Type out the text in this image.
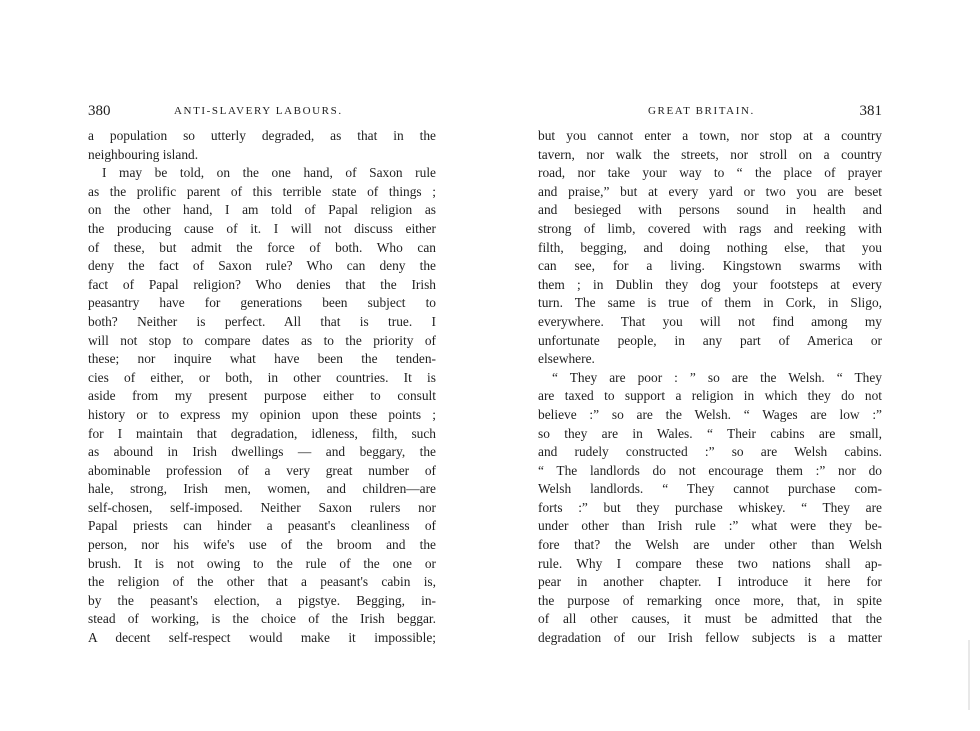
380	ANTI-SLAVERY LABOURS.
a population so utterly degraded, as that in the
neighbouring island.
I may be told, on the one hand, of Saxon rule
as the prolific parent of this terrible state of things ;
on the other hand, I am told of Papal religion as
the producing cause of it. I will not discuss either
of these, but admit the force of both. Who can
deny the fact of Saxon rule? Who can deny the
fact of Papal religion? Who denies that the Irish
peasantry have for generations been subject to
both? Neither is perfect. All that is true. I
will not stop to compare dates as to the priority of
these; nor inquire what have been the tenden-
cies of either, or both, in other countries. It is
aside from my present purpose either to consult
history or to express my opinion upon these points ;
for I maintain that degradation, idleness, filth, such
as abound in Irish dwellings — and beggary, the
abominable profession of a very great number of
hale, strong, Irish men, women, and children—are
self-chosen, self-imposed. Neither Saxon rulers nor
Papal priests can hinder a peasant's cleanliness of
person, nor his wife's use of the broom and the
brush. It is not owing to the rule of the one or
the religion of the other that a peasant's cabin is,
by the peasant's election, a pigstye. Begging, in-
stead of working, is the choice of the Irish beggar.
A decent self-respect would make it impossible;
GREAT BRITAIN.	381
but you cannot enter a town, nor stop at a country
tavern, nor walk the streets, nor stroll on a country
road, nor take your way to “ the place of prayer
and praise,” but at every yard or two you are beset
and besieged with persons sound in health and
strong of limb, covered with rags and reeking with
filth, begging, and doing nothing else, that you
can see, for a living. Kingstown swarms with
them ; in Dublin they dog your footsteps at every
turn. The same is true of them in Cork, in Sligo,
everywhere. That you will not find among my
unfortunate people, in any part of America or
elsewhere.
“ They are poor : ” so are the Welsh. “ They
are taxed to support a religion in which they do not
believe :” so are the Welsh. “ Wages are low :”
so they are in Wales. “ Their cabins are small,
and rudely constructed :” so are Welsh cabins.
“ The landlords do not encourage them :” nor do
Welsh landlords. “ They cannot purchase com-
forts :” but they purchase whiskey. “ They are
under other than Irish rule :” what were they be-
fore that? the Welsh are under other than Welsh
rule. Why I compare these two nations shall ap-
pear in another chapter. I introduce it here for
the purpose of remarking once more, that, in spite
of all other causes, it must be admitted that the
degradation of our Irish fellow subjects is a matter
